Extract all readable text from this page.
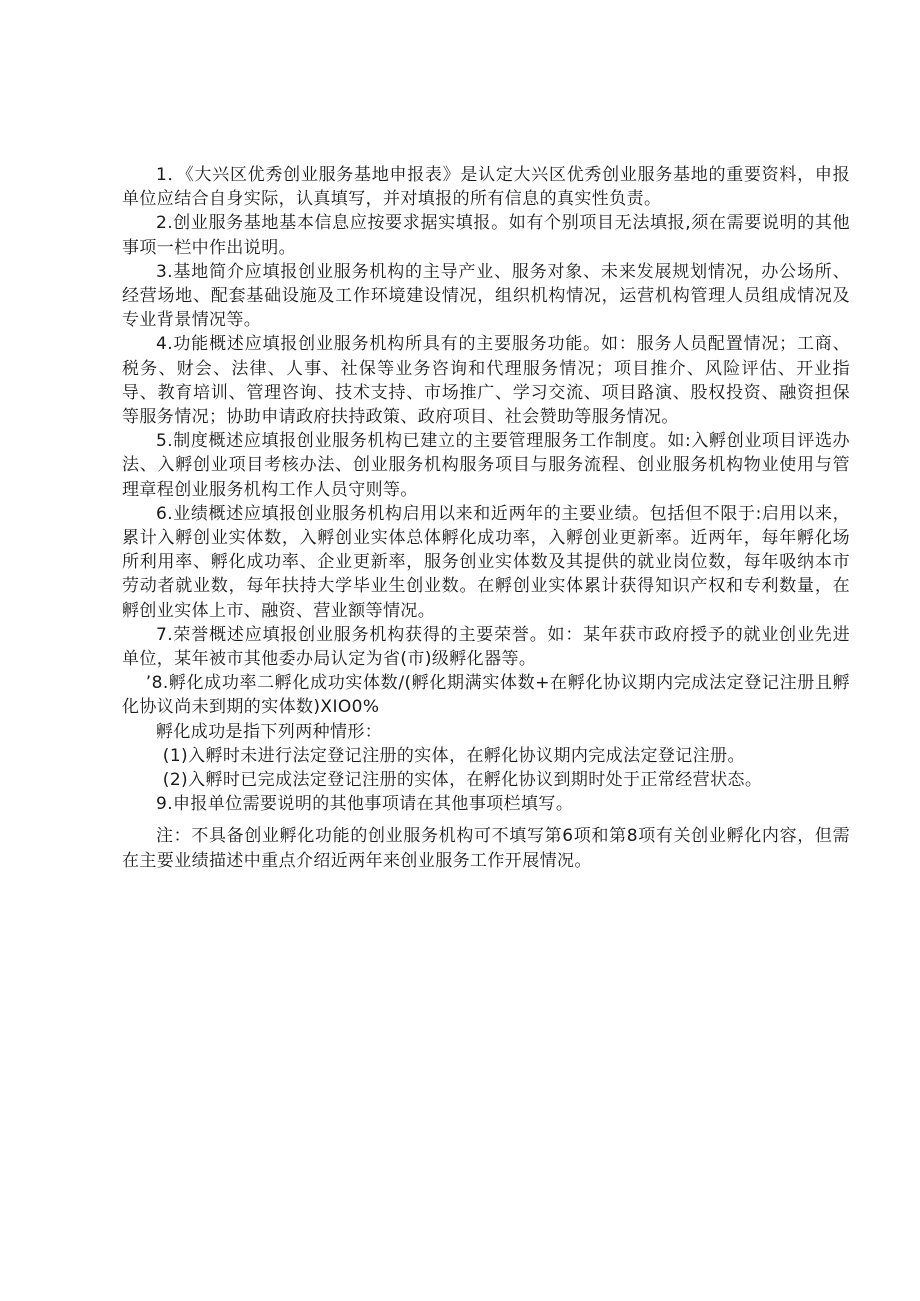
1．《大兴区优秀创业服务基地申报表》是认定大兴区优秀创业服务基地的重要资料，申报单位应结合自身实际，认真填写，并对填报的所有信息的真实性负责。

2.创业服务基地基本信息应按要求据实填报。如有个别项目无法填报,须在需要说明的其他事项一栏中作出说明。

3.基地简介应填报创业服务机构的主导产业、服务对象、未来发展规划情况，办公场所、经营场地、配套基础设施及工作环境建设情况，组织机构情况，运营机构管理人员组成情况及专业背景情况等。

4.功能概述应填报创业服务机构所具有的主要服务功能。如：服务人员配置情况；工商、税务、财会、法律、人事、社保等业务咨询和代理服务情况；项目推介、风险评估、开业指导、教育培训、管理咨询、技术支持、市场推广、学习交流、项目路演、股权投资、融资担保等服务情况；协助申请政府扶持政策、政府项目、社会赞助等服务情况。

5.制度概述应填报创业服务机构已建立的主要管理服务工作制度。如:入孵创业项目评选办法、入孵创业项目考核办法、创业服务机构服务项目与服务流程、创业服务机构物业使用与管理章程创业服务机构工作人员守则等。

6.业绩概述应填报创业服务机构启用以来和近两年的主要业绩。包括但不限于:启用以来，累计入孵创业实体数，入孵创业实体总体孵化成功率，入孵创业更新率。近两年，每年孵化场所利用率、孵化成功率、企业更新率，服务创业实体数及其提供的就业岗位数，每年吸纳本市劳动者就业数，每年扶持大学毕业生创业数。在孵创业实体累计获得知识产权和专利数量，在孵创业实体上市、融资、营业额等情况。

7.荣誉概述应填报创业服务机构获得的主要荣誉。如：某年获市政府授予的就业创业先进单位，某年被市其他委办局认定为省(市)级孵化器等。

’8.孵化成功率二孵化成功实体数/(孵化期满实体数+在孵化协议期内完成法定登记注册且孵化协议尚未到期的实体数)XIO0%

孵化成功是指下列两种情形：

(1)入孵时未进行法定登记注册的实体，在孵化协议期内完成法定登记注册。

(2)入孵时已完成法定登记注册的实体，在孵化协议到期时处于正常经营状态。

9.申报单位需要说明的其他事项请在其他事项栏填写。

注：不具备创业孵化功能的创业服务机构可不填写第6项和第8项有关创业孵化内容，但需在主要业绩描述中重点介绍近两年来创业服务工作开展情况。
